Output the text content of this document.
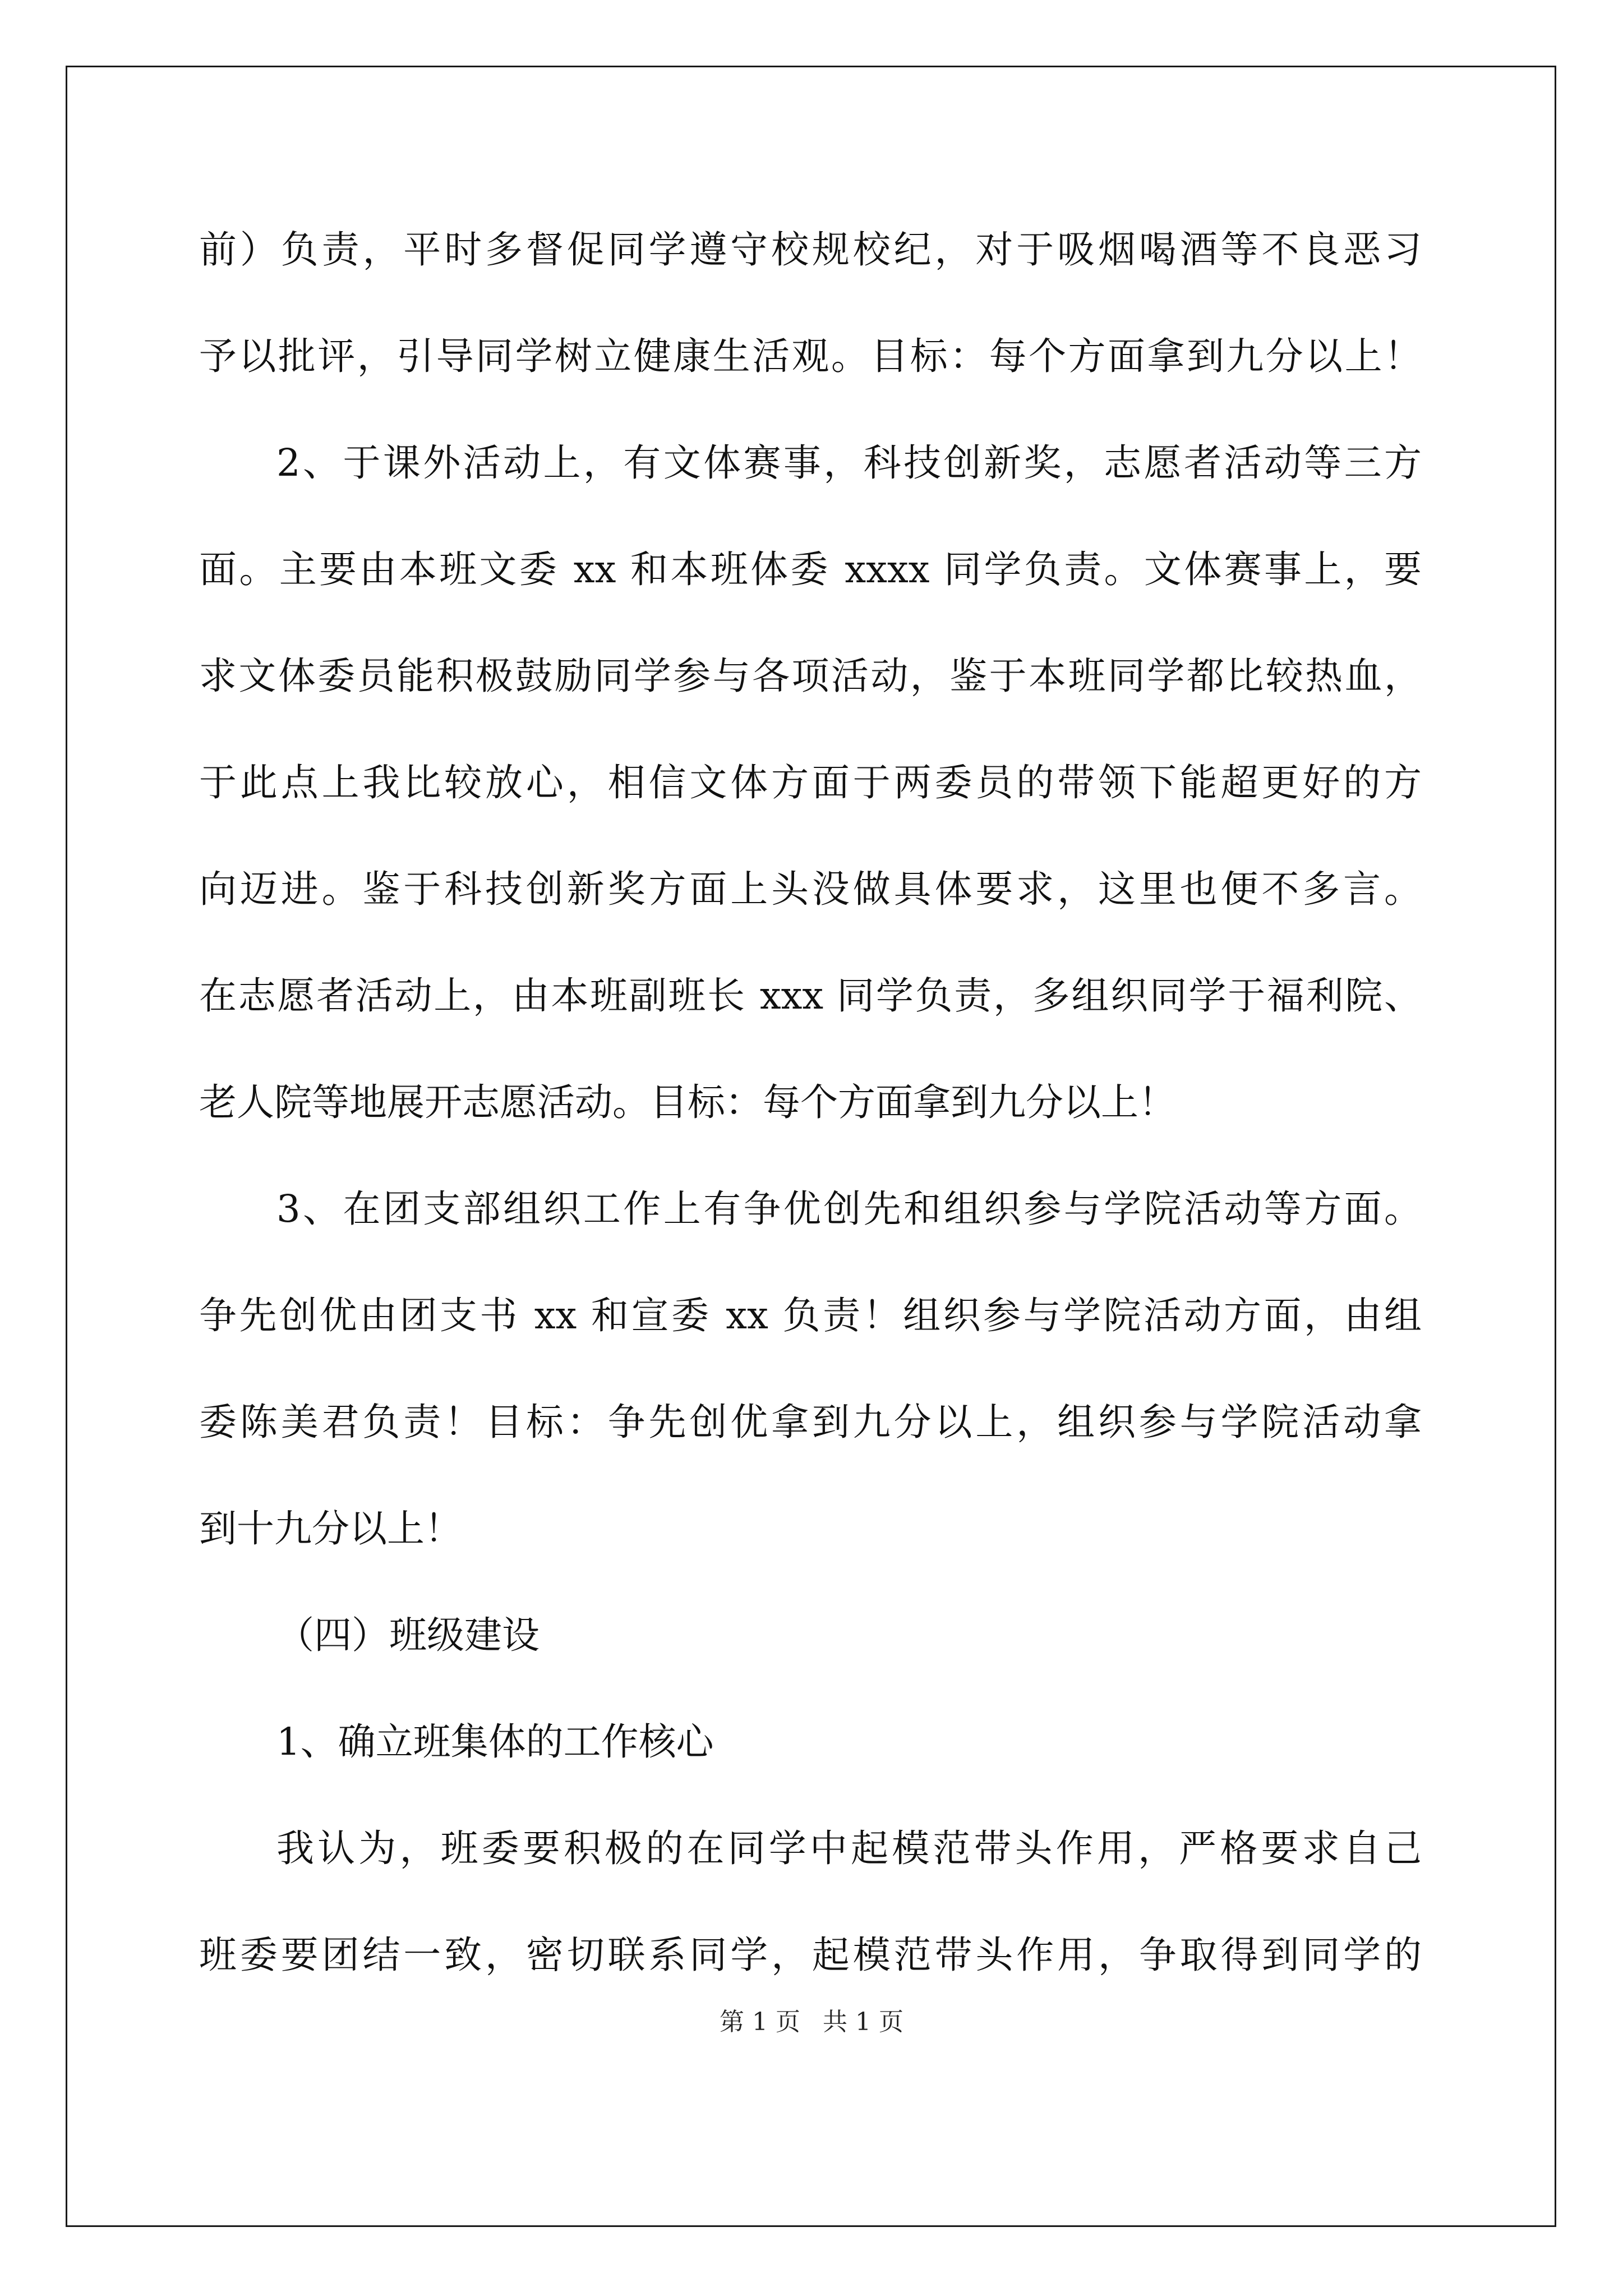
前）负责，平时多督促同学遵守校规校纪，对于吸烟喝酒等不良恶习
予以批评，引导同学树立健康生活观。目标：每个方面拿到九分以上！
2、于课外活动上，有文体赛事，科技创新奖，志愿者活动等三方
面。主要由本班文委 xx 和本班体委 xxxx 同学负责。文体赛事上，要
求文体委员能积极鼓励同学参与各项活动，鉴于本班同学都比较热血，
于此点上我比较放心，相信文体方面于两委员的带领下能超更好的方
向迈进。鉴于科技创新奖方面上头没做具体要求，这里也便不多言。
在志愿者活动上，由本班副班长 xxx 同学负责，多组织同学于福利院、
老人院等地展开志愿活动。目标：每个方面拿到九分以上！
3、在团支部组织工作上有争优创先和组织参与学院活动等方面。
争先创优由团支书 xx 和宣委 xx 负责！组织参与学院活动方面，由组
委陈美君负责！目标：争先创优拿到九分以上，组织参与学院活动拿
到十九分以上！
（四）班级建设
1、确立班集体的工作核心
我认为，班委要积极的在同学中起模范带头作用，严格要求自己
班委要团结一致，密切联系同学，起模范带头作用，争取得到同学的
第 1 页 共 1 页
